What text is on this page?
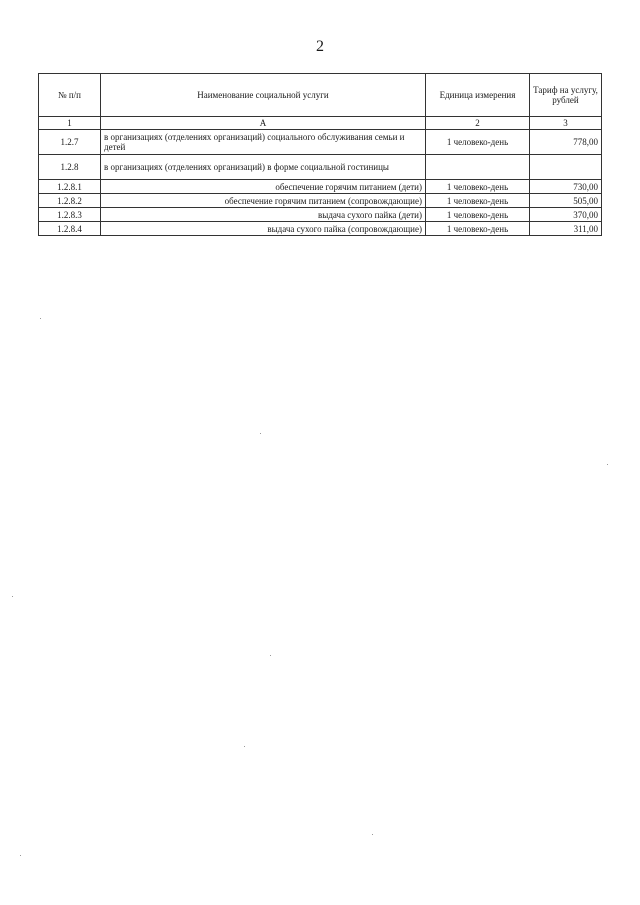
2
№ п/п	Наименование социальной услуги	Единица измерения	Тариф на услугу, рублей
1	А	2	3
1.2.7	в организациях (отделениях организаций) социального обслуживания семьи и детей	1 человеко-день	778,00
1.2.8	в организациях (отделениях организаций) в форме социальной гостиницы		
1.2.8.1	обеспечение горячим питанием (дети)	1 человеко-день	730,00
1.2.8.2	обеспечение горячим питанием (сопровождающие)	1 человеко-день	505,00
1.2.8.3	выдача сухого пайка (дети)	1 человеко-день	370,00
1.2.8.4	выдача сухого пайка (сопровождающие)	1 человеко-день	311,00
